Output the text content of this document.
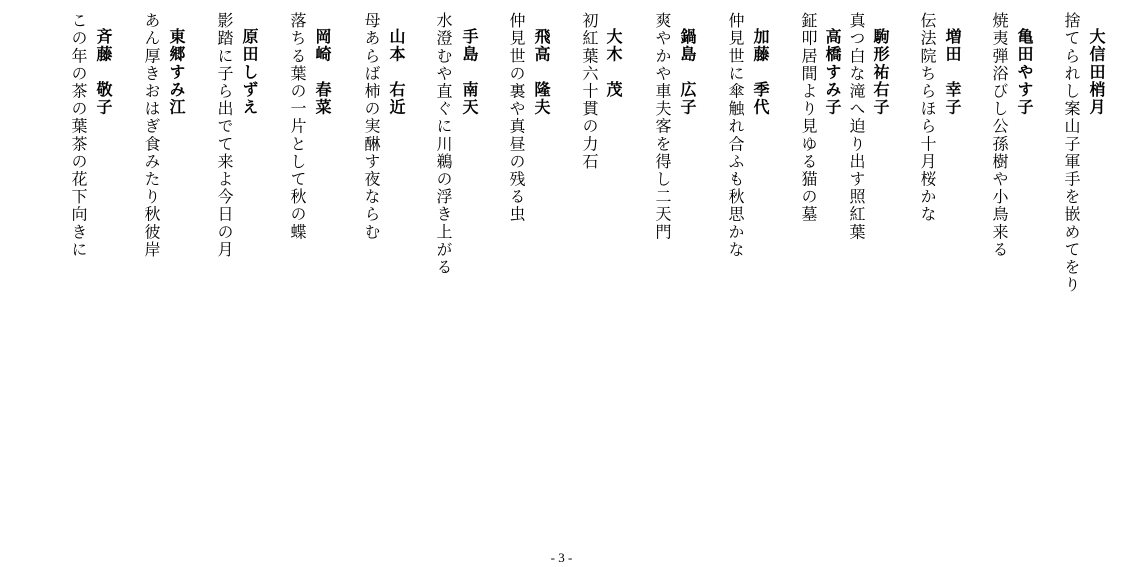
大信田梢月
捨てられし案山子軍手を嵌めてをり
亀田やす子
焼夷弾浴びし公孫樹や小鳥来る
増田　幸子
伝法院ちらほら十月桜かな
駒形祐右子
真つ白な滝へ迫り出す照紅葉
高橋すみ子
鉦叩居間より見ゆる猫の墓
加藤　季代
仲見世に傘触れ合ふも秋思かな
鍋島　広子
爽やかや車夫客を得し二天門
大木　茂
初紅葉六十貫の力石
飛高　隆夫
仲見世の裏や真昼の残る虫
手島　南天
水澄むや直ぐに川鵜の浮き上がる
山本　右近
母あらば柿の実醂す夜ならむ
岡崎　春菜
落ちる葉の一片として秋の蝶
原田しずえ
影踏に子ら出でて来よ今日の月
東郷すみ江
あん厚きおはぎ食みたり秋彼岸
斉藤　敬子
この年の茶の葉茶の花下向きに
- 3 -
